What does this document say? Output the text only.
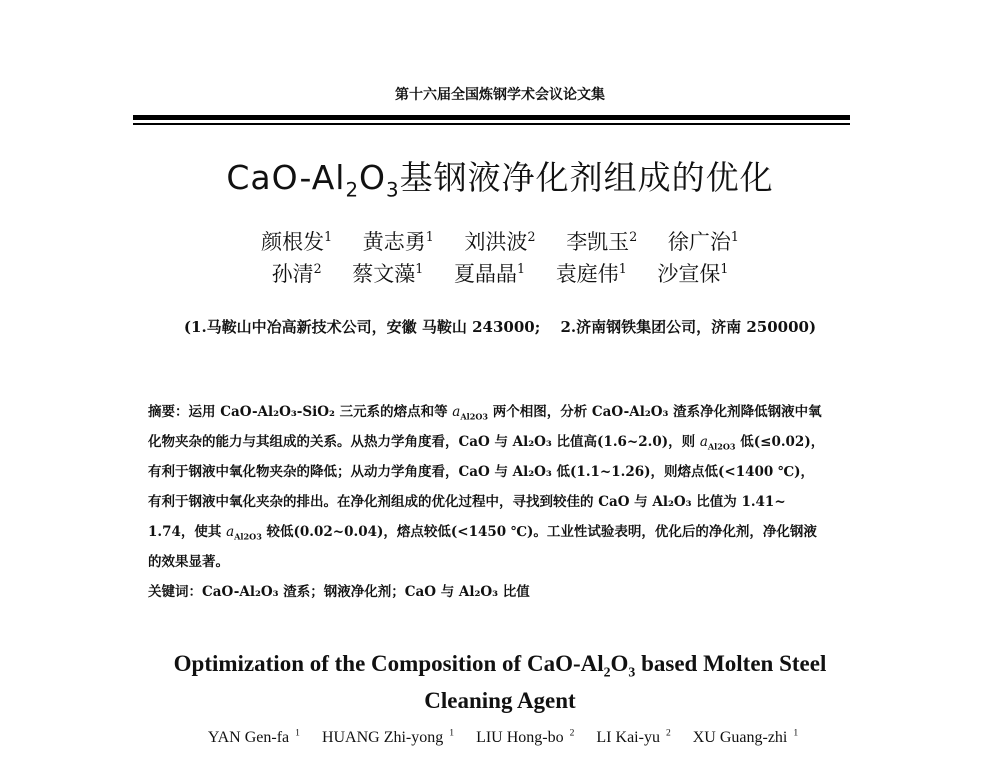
第十六届全国炼钢学术会议论文集
CaO-$Al_2O_3$基钢液净化剂组成的优化
颜根发$^1$ 黄志勇$^1$ 刘洪波$^2$ 李凯玉$^2$ 徐广治$^1$
孙清$^2$ 蔡文藻$^1$ 夏晶晶$^1$ 袁庭伟$^1$ 沙宣保$^1$
(1.马鞍山中冶高新技术公司，安徽 马鞍山 243000;　 2.济南钢铁集团公司，济南 250000)
摘要：运用 CaO-Al₂O₃-SiO₂ 三元系的熔点和等 $a_{Al2O3}$ 两个相图，分析 CaO-Al₂O₃ 渣系净化剂降低钢液中氧
化物夹杂的能力与其组成的关系。从热力学角度看，CaO 与 Al₂O₃ 比值高(1.6~2.0)，则 $a_{Al2O3}$ 低(≤0.02)，
有利于钢液中氧化物夹杂的降低；从动力学角度看，CaO 与 Al₂O₃ 低(1.1~1.26)，则熔点低(<1400 ℃)，
有利于钢液中氧化夹杂的排出。在净化剂组成的优化过程中，寻找到较佳的 CaO 与 Al₂O₃ 比值为 1.41~
1.74，使其 $a_{Al2O3}$ 较低(0.02~0.04)，熔点较低(<1450 ℃)。工业性试验表明，优化后的净化剂，净化钢液
的效果显著。
关键词：CaO-Al₂O₃ 渣系；钢液净化剂；CaO 与 Al₂O₃ 比值
Optimization of the Composition of CaO-$Al_2O_3$ based Molten Steel
Cleaning Agent
YAN Gen-fa $^1$ HUANG Zhi-yong $^1$ LIU Hong-bo $^2$ LI Kai-yu $^2$ XU Guang-zhi $^1$
